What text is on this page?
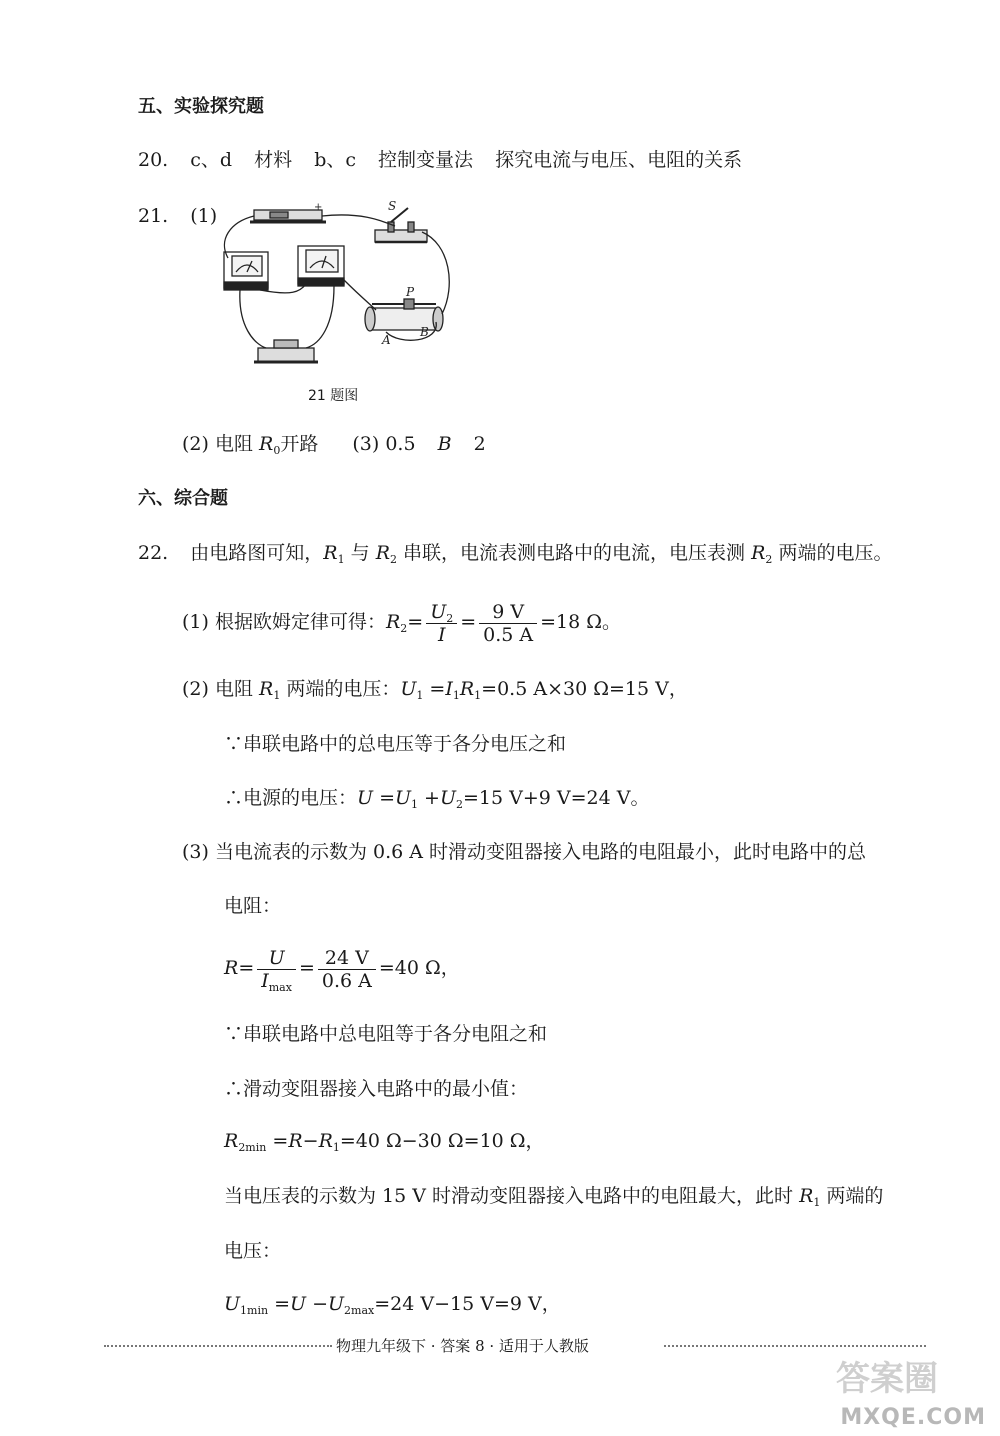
五、实验探究题
20. c、d 材料 b、c 控制变量法 探究电流与电压、电阻的关系
21. (1)	+	S
P
A
B
21 题图
(2) 电阻 $R_0$开路 (3) 0.5 B 2
六、综合题
22. 由电路图可知，$R_1$ 与 $R_2$ 串联，电流表测电路中的电流，电压表测 $R_2$ 两端的电压。
(1) 根据欧姆定律可得：$R_2= \frac{U_2}{I} = \frac{9 V}{0.5 A} =18$ Ω。
(2) 电阻 $R_1$ 两端的电压：$U_1 =I_1R_1=0.5$ A×30 Ω=15 V，
∵串联电路中的总电压等于各分电压之和
∴电源的电压：$U =U_1 +U_2=15$ V+9 V=24 V。
(3) 当电流表的示数为 0.6 A 时滑动变阻器接入电路的电阻最小，此时电路中的总
电阻：
$R= \frac{U}{I_{max}} = \frac{24 V}{0.6 A} =40$ Ω，
∵串联电路中总电阻等于各分电阻之和
∴滑动变阻器接入电路中的最小值：
$R_{2min} =R-R_1=40$ Ω−30 Ω=10 Ω，
当电压表的示数为 15 V 时滑动变阻器接入电路中的电阻最大，此时 $R_1$ 两端的
电压：
$U_{1min} =U -U_{2max}=24$ V−15 V=9 V，
物理九年级下 · 答案 8 · 适用于人教版
答案圈
MXQE.COM
